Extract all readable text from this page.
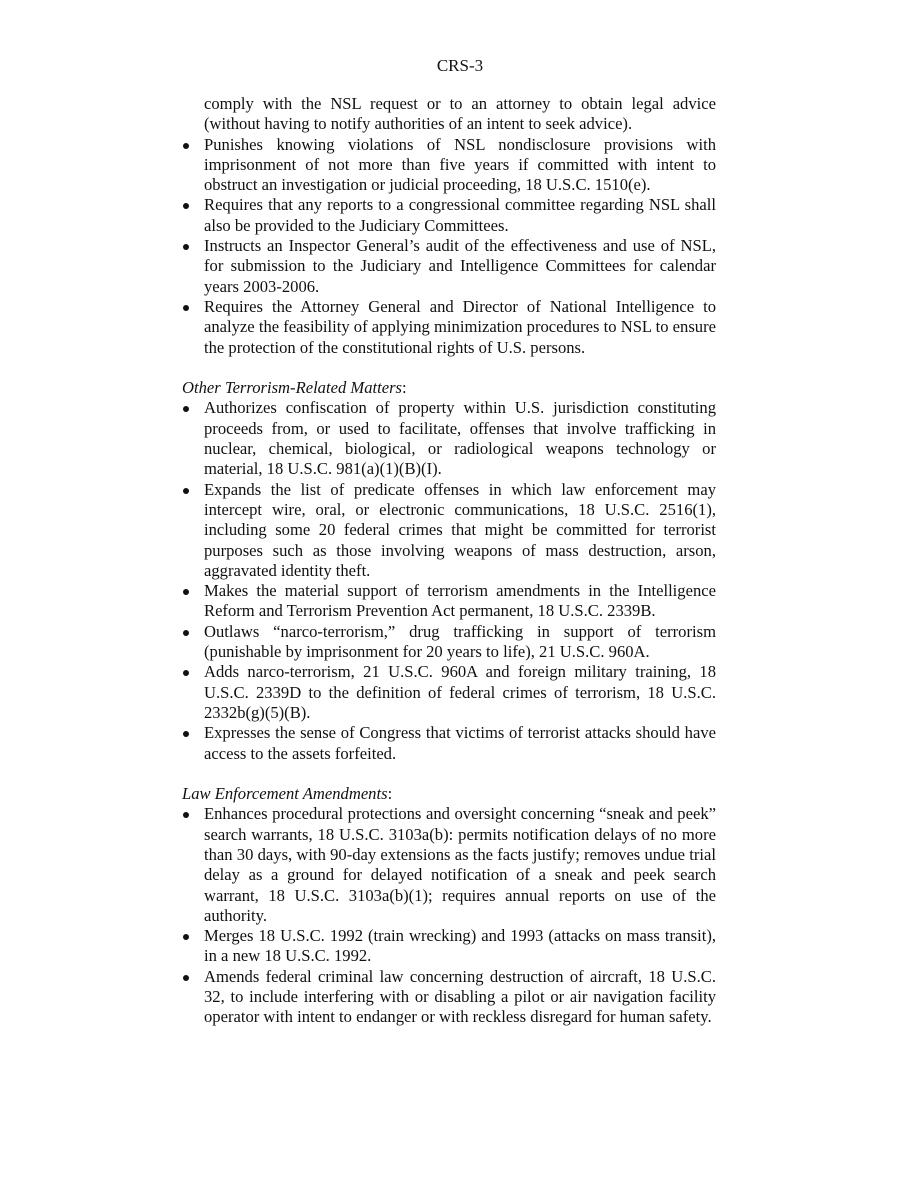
CRS-3

comply with the NSL request or to an attorney to obtain legal advice (without having to notify authorities of an intent to seek advice).

Punishes knowing violations of NSL nondisclosure provisions with imprisonment of not more than five years if committed with intent to obstruct an investigation or judicial proceeding, 18 U.S.C. 1510(e).
Requires that any reports to a congressional committee regarding NSL shall also be provided to the Judiciary Committees.
Instructs an Inspector General’s audit of the effectiveness and use of NSL, for submission to the Judiciary and Intelligence Committees for calendar years 2003-2006.
Requires the Attorney General and Director of National Intelligence to analyze the feasibility of applying minimization procedures to NSL to ensure the protection of the constitutional rights of U.S. persons.

Other Terrorism-Related Matters:

Authorizes confiscation of property within U.S. jurisdiction constituting proceeds from, or used to facilitate, offenses that involve trafficking in nuclear, chemical, biological, or radiological weapons technology or material, 18 U.S.C. 981(a)(1)(B)(I).
Expands the list of predicate offenses in which law enforcement may intercept wire, oral, or electronic communications, 18 U.S.C. 2516(1), including some 20 federal crimes that might be committed for terrorist purposes such as those involving weapons of mass destruction, arson, aggravated identity theft.
Makes the material support of terrorism amendments in the Intelligence Reform and Terrorism Prevention Act permanent, 18 U.S.C. 2339B.
Outlaws “narco-terrorism,” drug trafficking in support of terrorism (punishable by imprisonment for 20 years to life), 21 U.S.C. 960A.
Adds narco-terrorism, 21 U.S.C. 960A and foreign military training, 18 U.S.C. 2339D to the definition of federal crimes of terrorism, 18 U.S.C. 2332b(g)(5)(B).
Expresses the sense of Congress that victims of terrorist attacks should have access to the assets forfeited.

Law Enforcement Amendments:

Enhances procedural protections and oversight concerning “sneak and peek” search warrants, 18 U.S.C. 3103a(b): permits notification delays of no more than 30 days, with 90-day extensions as the facts justify; removes undue trial delay as a ground for delayed notification of a sneak and peek search warrant, 18 U.S.C. 3103a(b)(1); requires annual reports on use of the authority.
Merges 18 U.S.C. 1992 (train wrecking) and 1993 (attacks on mass transit), in a new 18 U.S.C. 1992.
Amends federal criminal law concerning destruction of aircraft, 18 U.S.C. 32, to include interfering with or disabling a pilot or air navigation facility operator with intent to endanger or with reckless disregard for human safety.
